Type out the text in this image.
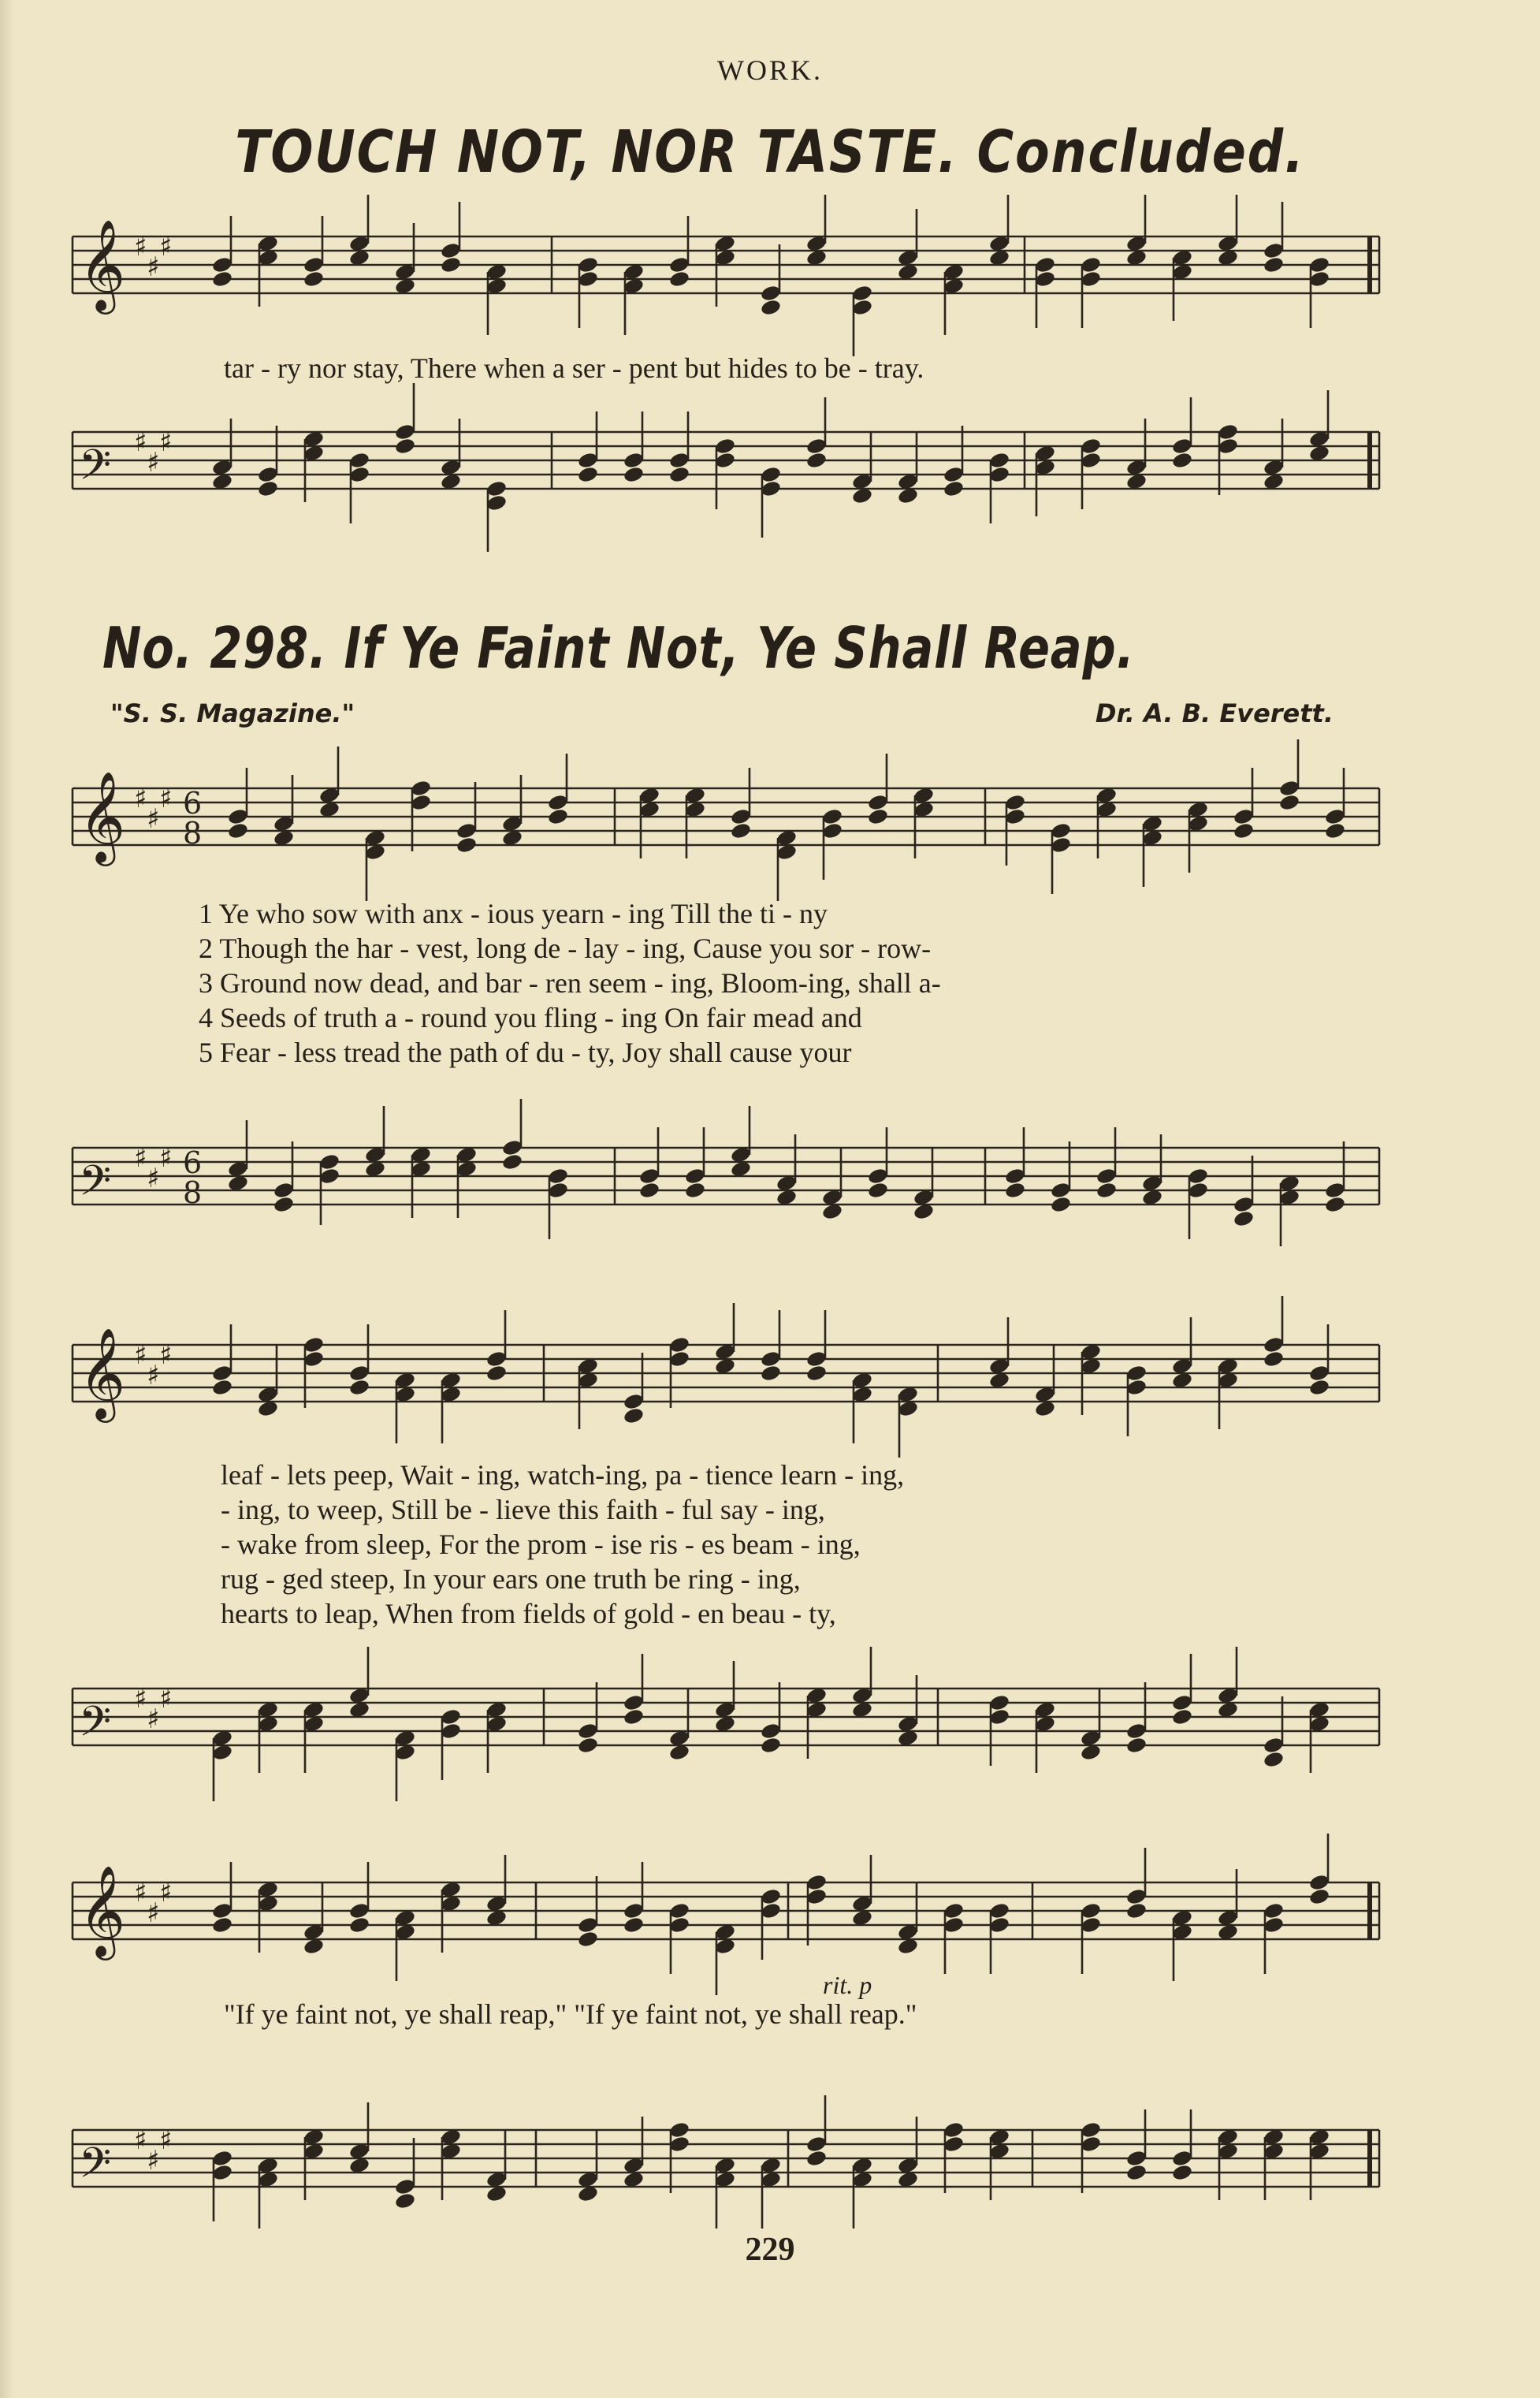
WORK.
TOUCH NOT, NOR TASTE. Concluded.
𝄞 ♯
♯
♯
𝄢 ♯
♯
♯
𝄞 ♯
♯
♯ 6
8
𝄢 ♯
♯
♯ 6
8
𝄞 ♯
♯
♯
𝄢 ♯
♯
♯
𝄞 ♯
♯
♯
𝄢 ♯
♯
♯
tar - ry nor stay, There when a ser - pent but hides to be - tray.
No. 298. If Ye Faint Not, Ye Shall Reap.
"S. S. Magazine."	Dr. A. B. Everett.
1 Ye who sow with anx - ious yearn - ing Till the ti - ny
2 Though the har - vest, long de - lay - ing, Cause you sor - row-
3 Ground now dead, and bar - ren seem - ing, Bloom-ing, shall a-
4 Seeds of truth a - round you fling - ing On fair mead and
5 Fear - less tread the path of du - ty, Joy shall cause your
leaf - lets peep, Wait - ing, watch-ing, pa - tience learn - ing,
- ing, to weep, Still be - lieve this faith - ful say - ing,
- wake from sleep, For the prom - ise ris - es beam - ing,
rug - ged steep, In your ears one truth be ring - ing,
hearts to leap, When from fields of gold - en beau - ty,
rit. p
"If ye faint not, ye shall reap," "If ye faint not, ye shall reap."
229
